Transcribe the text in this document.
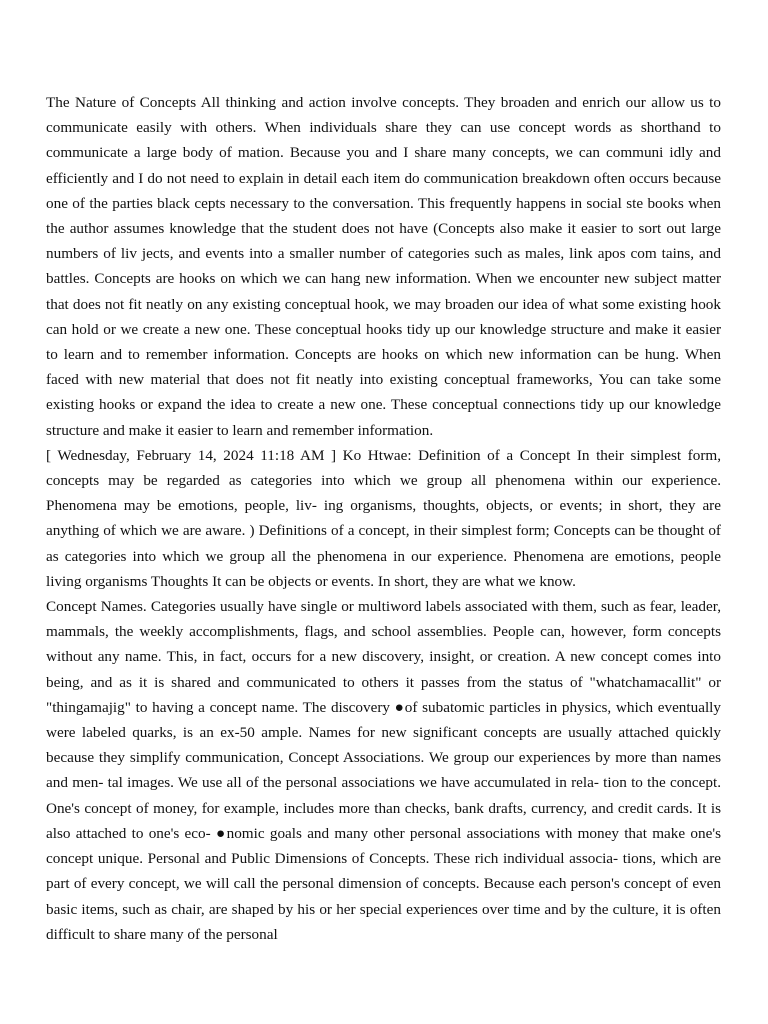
The Nature of Concepts All thinking and action involve concepts. They broaden and enrich our allow us to communicate easily with others. When individuals share they can use concept words as shorthand to communicate a large body of mation. Because you and I share many concepts, we can communi idly and efficiently and I do not need to explain in detail each item do communication breakdown often occurs because one of the parties black cepts necessary to the conversation. This frequently happens in social ste books when the author assumes knowledge that the student does not have (Concepts also make it easier to sort out large numbers of liv jects, and events into a smaller number of categories such as males, link apos com tains, and battles. Concepts are hooks on which we can hang new information. When we encounter new subject matter that does not fit neatly on any existing conceptual hook, we may broaden our idea of what some existing hook can hold or we create a new one. These conceptual hooks tidy up our knowledge structure and make it easier to learn and to remember information. Concepts are hooks on which new information can be hung. When faced with new material that does not fit neatly into existing conceptual frameworks, You can take some existing hooks or expand the idea to create a new one. These conceptual connections tidy up our knowledge structure and make it easier to learn and remember information.

[ Wednesday, February 14, 2024 11:18 AM ] Ko Htwae: Definition of a Concept In their simplest form, concepts may be regarded as categories into which we group all phenomena within our experience. Phenomena may be emotions, people, liv- ing organisms, thoughts, objects, or events; in short, they are anything of which we are aware. ) Definitions of a concept, in their simplest form; Concepts can be thought of as categories into which we group all the phenomena in our experience. Phenomena are emotions, people living organisms Thoughts It can be objects or events. In short, they are what we know.

Concept Names. Categories usually have single or multiword labels associated with them, such as fear, leader, mammals, the weekly accomplishments, flags, and school assemblies. People can, however, form concepts without any name. This, in fact, occurs for a new discovery, insight, or creation. A new concept comes into being, and as it is shared and communicated to others it passes from the status of "whatchamacallit" or "thingamajig" to having a concept name. The discovery ●of subatomic particles in physics, which eventually were labeled quarks, is an ex-50 ample. Names for new significant concepts are usually attached quickly because they simplify communication, Concept Associations. We group our experiences by more than names and men- tal images. We use all of the personal associations we have accumulated in rela- tion to the concept. One's concept of money, for example, includes more than checks, bank drafts, currency, and credit cards. It is also attached to one's eco- ●nomic goals and many other personal associations with money that make one's concept unique. Personal and Public Dimensions of Concepts. These rich individual associa- tions, which are part of every concept, we will call the personal dimension of concepts. Because each person's concept of even basic items, such as chair, are shaped by his or her special experiences over time and by the culture, it is often difficult to share many of the personal
